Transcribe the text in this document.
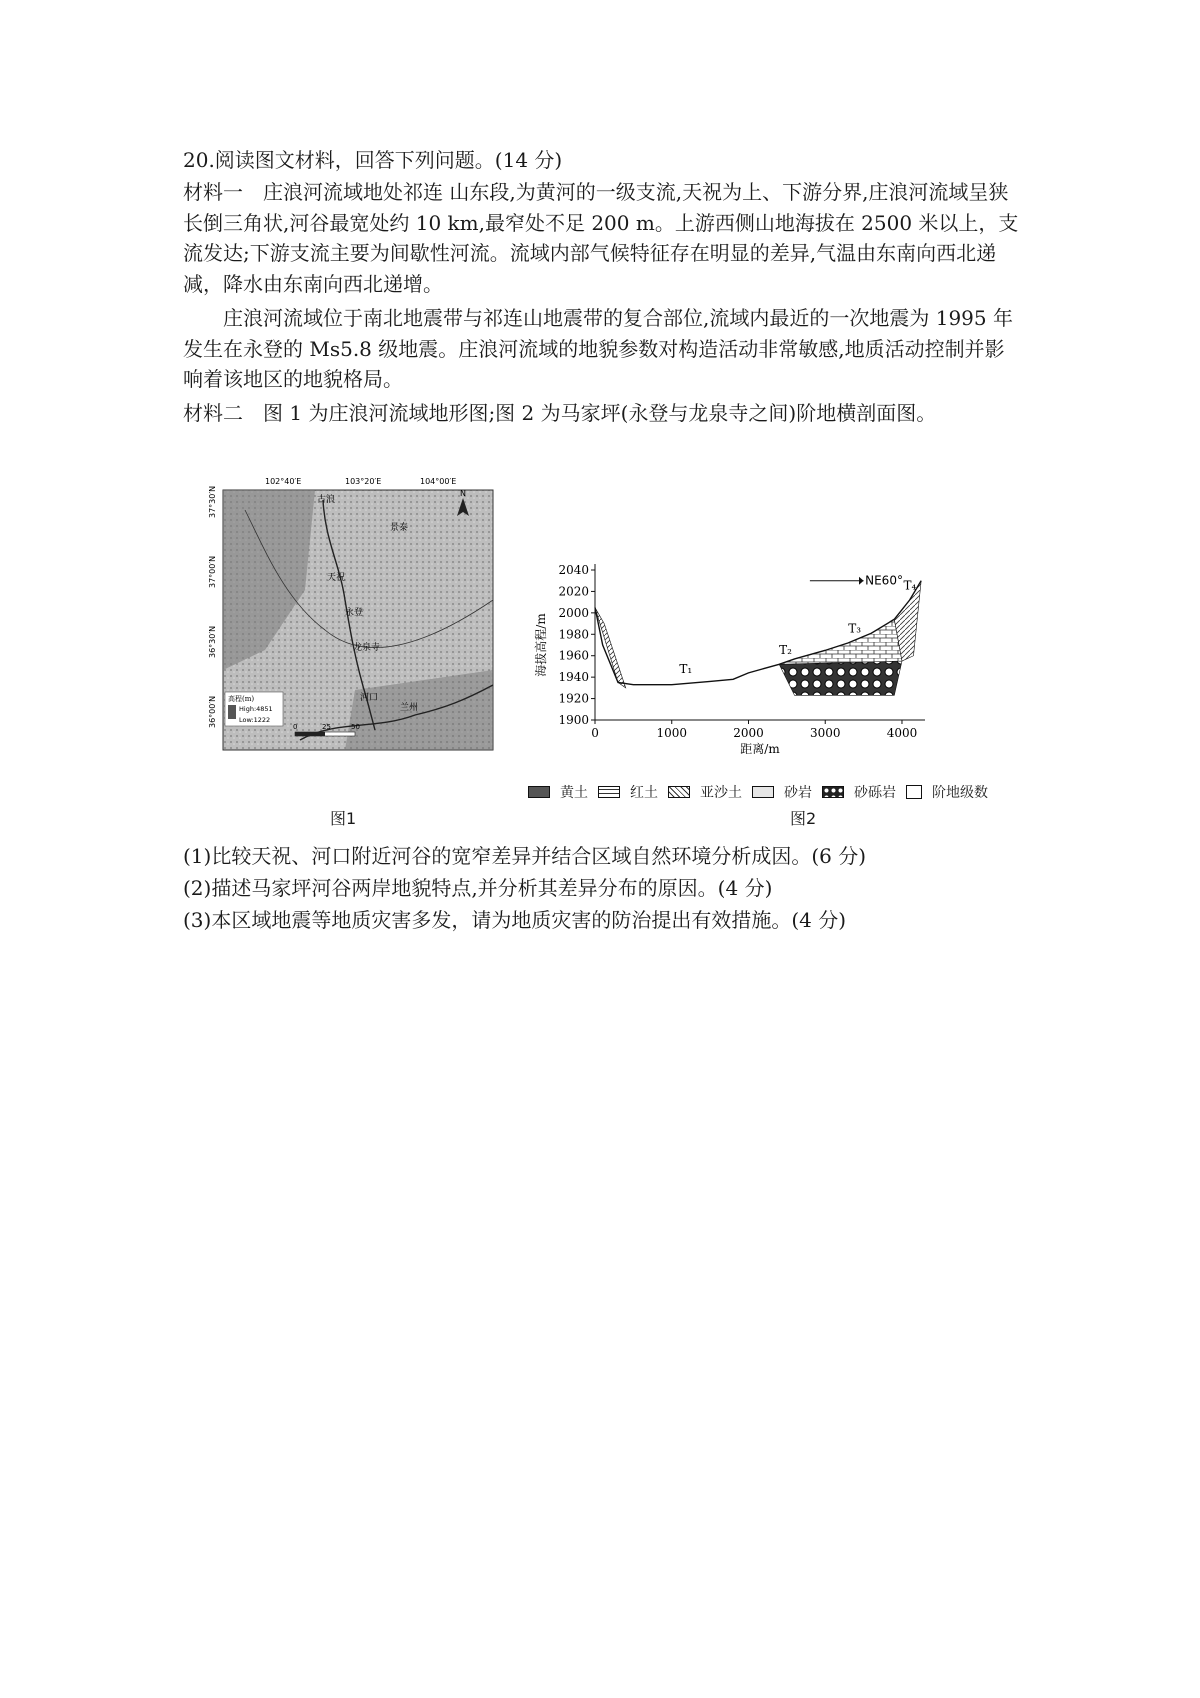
20.阅读图文材料，回答下列问题。(14 分)
材料一　庄浪河流域地处祁连 山东段,为黄河的一级支流,天祝为上、下游分界,庄浪河流域呈狭长倒三角状,河谷最宽处约 10 km,最窄处不足 200 m。上游西侧山地海拔在 2500 米以上，支流发达;下游支流主要为间歇性河流。流域内部气候特征存在明显的差异,气温由东南向西北递减，降水由东南向西北递增。
庄浪河流域位于南北地震带与祁连山地震带的复合部位,流域内最近的一次地震为 1995 年发生在永登的 Ms5.8 级地震。庄浪河流域的地貌参数对构造活动非常敏感,地质活动控制并影响着该地区的地貌格局。
材料二　图 1 为庄浪河流域地形图;图 2 为马家坪(永登与龙泉寺之间)阶地横剖面图。
102°40′E	103°20′E	104°00′E
37°30′N
37°00′N
36°30′N
36°00′N
古浪
天祝
永登
龙泉寺
河口
兰州
景泰
N
高程(m)
High:4851
Low:1222
0	25	50
图1
1900
1920
1940
1960
1980
2000
2020
2040
0	1000	2000	3000	4000
距离/m
海拔高程/m	T₁
T₂
T₃
T₄
NE60°
图2
黄土	红土	亚沙土	砂岩	砂砾岩	阶地级数
(1)比较天祝、河口附近河谷的宽窄差异并结合区域自然环境分析成因。(6 分)
(2)描述马家坪河谷两岸地貌特点,并分析其差异分布的原因。(4 分)
(3)本区域地震等地质灾害多发，请为地质灾害的防治提出有效措施。(4 分)
